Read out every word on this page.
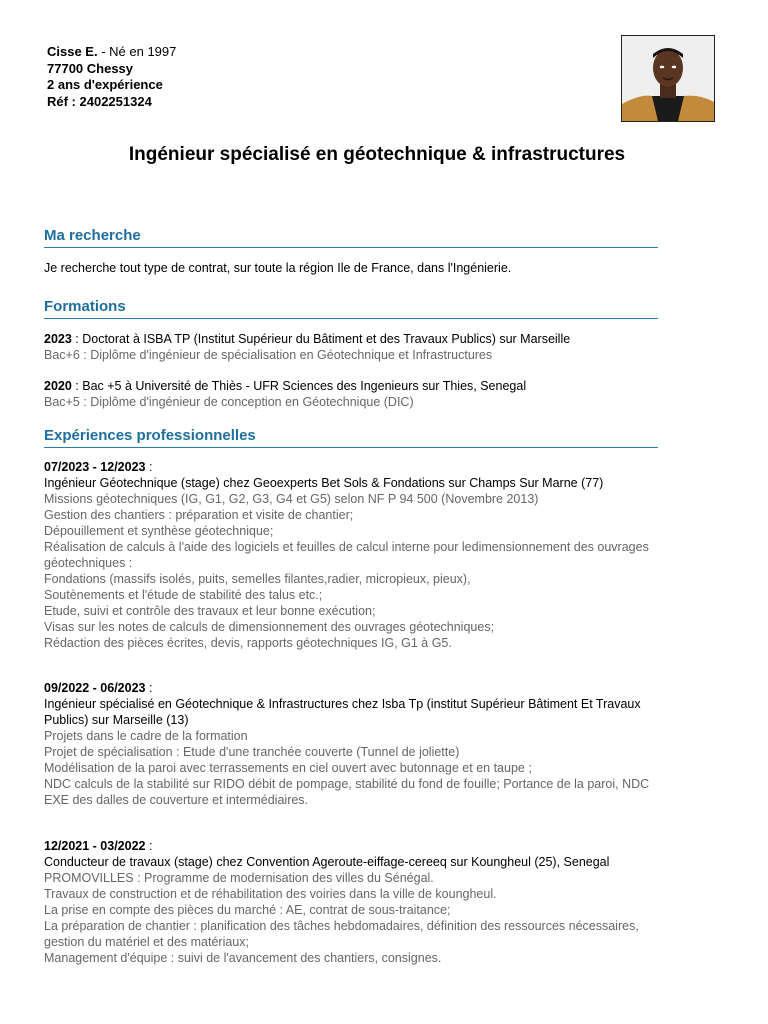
Cisse E. - Né en 1997
77700 Chessy
2 ans d'expérience
Réf : 2402251324
Ingénieur spécialisé en géotechnique & infrastructures
Ma recherche
Je recherche tout type de contrat, sur toute la région Ile de France, dans l'Ingénierie.
Formations
2023 : Doctorat à ISBA TP (Institut Supérieur du Bâtiment et des Travaux Publics) sur Marseille
Bac+6 : Diplôme d'ingénieur de spécialisation en Géotechnique et Infrastructures
2020 : Bac +5 à Université de Thiès - UFR Sciences des Ingenieurs sur Thies, Senegal
Bac+5 : Diplôme d'ingénieur de conception en Géotechnique (DIC)
Expériences professionnelles
07/2023 - 12/2023 :
Ingénieur Géotechnique (stage) chez Geoexperts Bet Sols & Fondations sur Champs Sur Marne (77)
Missions géotechniques (IG, G1, G2, G3, G4 et G5) selon NF P 94 500 (Novembre 2013)
Gestion des chantiers : préparation et visite de chantier;
Dépouillement et synthèse géotechnique;
Réalisation de calculs à l'aide des logiciels et feuilles de calcul interne pour ledimensionnement des ouvrages
géotechniques :
Fondations (massifs isolés, puits, semelles filantes,radier, micropieux, pieux),
Soutènements et l'étude de stabilité des talus etc.;
Etude, suivi et contrôle des travaux et leur bonne exécution;
Visas sur les notes de calculs de dimensionnement des ouvrages géotechniques;
Rédaction des pièces écrites, devis, rapports géotechniques IG, G1 à G5.
09/2022 - 06/2023 :
Ingénieur spécialisé en Géotechnique & Infrastructures chez Isba Tp (institut Supérieur Bâtiment Et Travaux
Publics) sur Marseille (13)
Projets dans le cadre de la formation
Projet de spécialisation : Etude d'une tranchée couverte (Tunnel de joliette)
Modélisation de la paroi avec terrassements en ciel ouvert avec butonnage et en taupe ;
NDC calculs de la stabilité sur RIDO débit de pompage, stabilité du fond de fouille; Portance de la paroi, NDC
EXE des dalles de couverture et intermédiaires.
12/2021 - 03/2022 :
Conducteur de travaux (stage) chez Convention Ageroute-eiffage-cereeq sur Koungheul (25), Senegal
PROMOVILLES : Programme de modernisation des villes du Sénégal.
Travaux de construction et de réhabilitation des voiries dans la ville de koungheul.
La prise en compte des pièces du marché : AE, contrat de sous-traitance;
La préparation de chantier : planification des tâches hebdomadaires, définition des ressources nécessaires,
gestion du matériel et des matériaux;
Management d'équipe : suivi de l'avancement des chantiers, consignes.
